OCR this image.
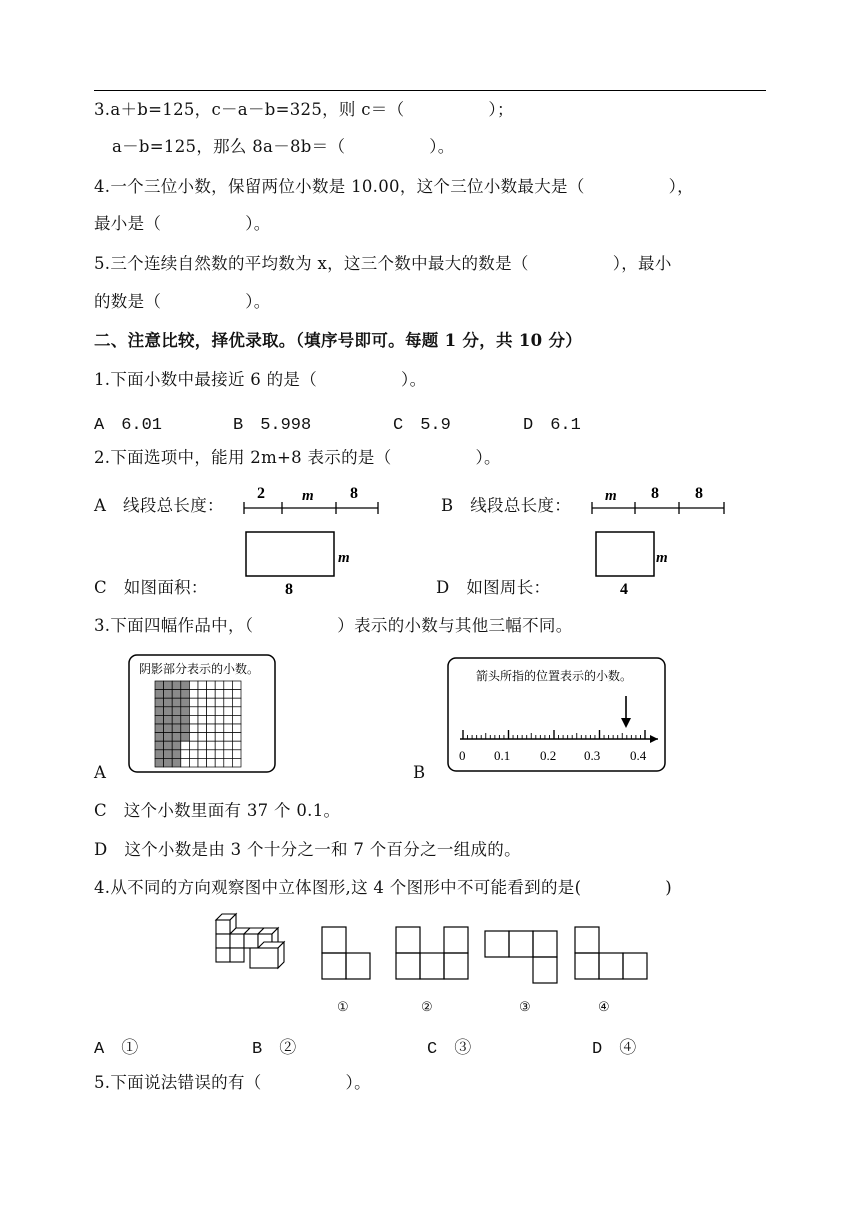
3.a＋b=125，c－a－b=325，则 c＝（　　　　　）；
a－b=125，那么 8a－8b＝（　　　　　）。
4.一个三位小数，保留两位小数是 10.00，这个三位小数最大是（　　　　　），
最小是（　　　　　）。
5.三个连续自然数的平均数为 x，这三个数中最大的数是（　　　　　），最小
的数是（　　　　　）。
二、注意比较，择优录取。（填序号即可。每题 1 分，共 10 分）
1.下面小数中最接近 6 的是（　　　　　）。
A　6.01	B　5.998	C　5.9	D　6.1
2.下面选项中，能用 2m+8 表示的是（　　　　　）。
A　线段总长度：
2 m 8
B　线段总长度： m 8 8
C　如图面积：
m
8	D　如图周长：
m
4
3.下面四幅作品中，（　　　　　）表示的小数与其他三幅不同。
A
阴影部分表示的小数。
B
箭头所指的位置表示的小数。
0 0.1 0.2 0.3 0.4
C　这个小数里面有 37 个 0.1。
D　这个小数是由 3 个十分之一和 7 个百分之一组成的。
4.从不同的方向观察图中立体图形,这 4 个图形中不可能看到的是(　　　　　)
①	②	③	④
A　①	B　②	C　③	D　④
5.下面说法错误的有（　　　　　）。
